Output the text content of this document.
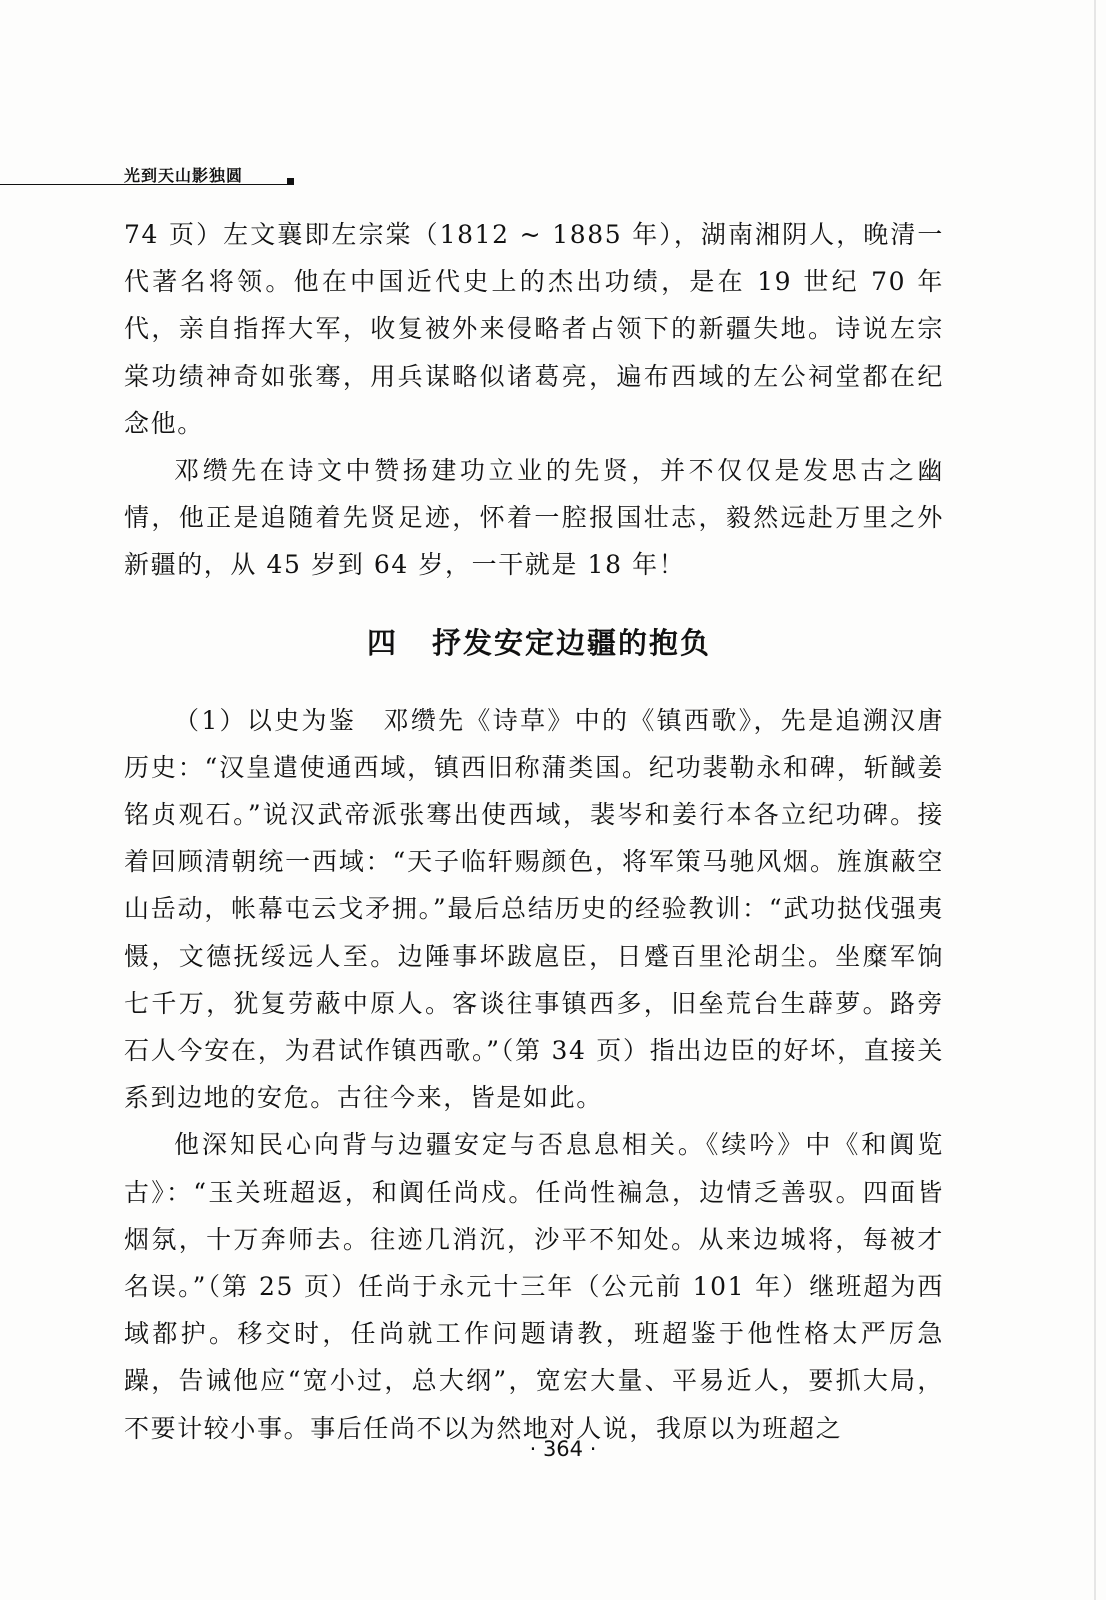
光到天山影独圆

74 页）左文襄即左宗棠（1812 ~ 1885 年），湖南湘阴人，晚清一代著名将领。他在中国近代史上的杰出功绩，是在 19 世纪 70 年代，亲自指挥大军，收复被外来侵略者占领下的新疆失地。诗说左宗棠功绩神奇如张骞，用兵谋略似诸葛亮，遍布西域的左公祠堂都在纪念他。

邓缵先在诗文中赞扬建功立业的先贤，并不仅仅是发思古之幽情，他正是追随着先贤足迹，怀着一腔报国壮志，毅然远赴万里之外新疆的，从 45 岁到 64 岁，一干就是 18 年！

四 抒发安定边疆的抱负

（1）以史为鉴　邓缵先《诗草》中的《镇西歌》，先是追溯汉唐历史：“汉皇遣使通西域，镇西旧称蒲类国。纪功裴勒永和碑，斩馘姜铭贞观石。”说汉武帝派张骞出使西域，裴岑和姜行本各立纪功碑。接着回顾清朝统一西域：“天子临轩赐颜色，将军策马驰风烟。旌旗蔽空山岳动，帐幕屯云戈矛拥。”最后总结历史的经验教训：“武功挞伐强夷慑，文德抚绥远人至。边陲事坏跋扈臣，日蹙百里沦胡尘。坐糜军饷七千万，犹复劳蔽中原人。客谈往事镇西多，旧垒荒台生薜萝。路旁石人今安在，为君试作镇西歌。”（第 34 页）指出边臣的好坏，直接关系到边地的安危。古往今来，皆是如此。

他深知民心向背与边疆安定与否息息相关。《续吟》中《和阗览古》：“玉关班超返，和阗任尚戍。任尚性褊急，边情乏善驭。四面皆烟氛，十万奔师去。往迹几消沉，沙平不知处。从来边城将，每被才名误。”（第 25 页）任尚于永元十三年（公元前 101 年）继班超为西域都护。移交时，任尚就工作问题请教，班超鉴于他性格太严厉急躁，告诫他应“宽小过，总大纲”，宽宏大量、平易近人，要抓大局，不要计较小事。事后任尚不以为然地对人说，我原以为班超之

· 364 ·
